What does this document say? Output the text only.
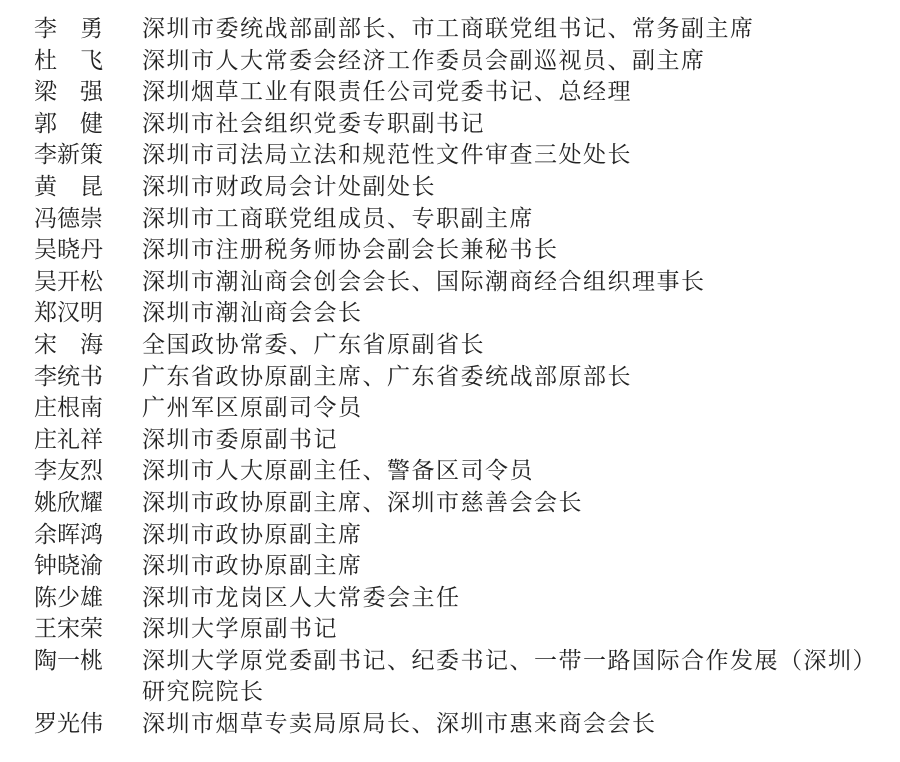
李　勇	深圳市委统战部副部长、市工商联党组书记、常务副主席
杜　飞	深圳市人大常委会经济工作委员会副巡视员、副主席
梁　强	深圳烟草工业有限责任公司党委书记、总经理
郭　健	深圳市社会组织党委专职副书记
李新策	深圳市司法局立法和规范性文件审查三处处长
黄　昆	深圳市财政局会计处副处长
冯德崇	深圳市工商联党组成员、专职副主席
吴晓丹	深圳市注册税务师协会副会长兼秘书长
吴开松	深圳市潮汕商会创会会长、国际潮商经合组织理事长
郑汉明	深圳市潮汕商会会长
宋　海	全国政协常委、广东省原副省长
李统书	广东省政协原副主席、广东省委统战部原部长
庄根南	广州军区原副司令员
庄礼祥	深圳市委原副书记
李友烈	深圳市人大原副主任、警备区司令员
姚欣耀	深圳市政协原副主席、深圳市慈善会会长
余晖鸿	深圳市政协原副主席
钟晓渝	深圳市政协原副主席
陈少雄	深圳市龙岗区人大常委会主任
王宋荣	深圳大学原副书记
陶一桃	深圳大学原党委副书记、纪委书记、一带一路国际合作发展（深圳）研究院院长
罗光伟	深圳市烟草专卖局原局长、深圳市惠来商会会长
